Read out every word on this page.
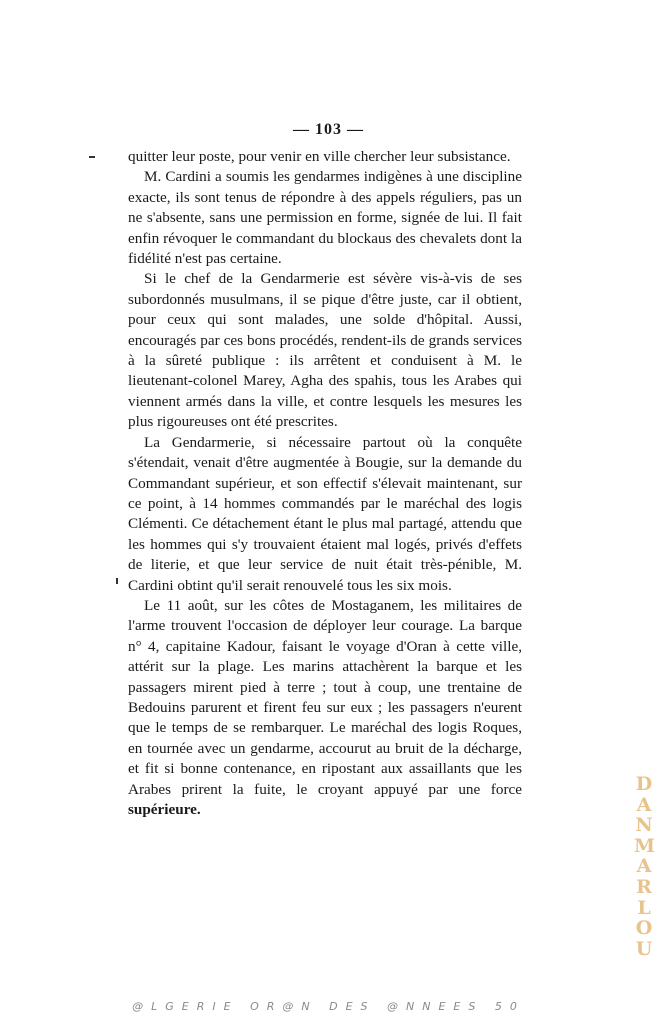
— 103 —

quitter leur poste, pour venir en ville chercher leur subsistance.

M. Cardini a soumis les gendarmes indigènes à une discipline exacte, ils sont tenus de répondre à des appels réguliers, pas un ne s'absente, sans une permission en forme, signée de lui. Il fait enfin révoquer le commandant du blockaus des chevalets dont la fidélité n'est pas certaine.

Si le chef de la Gendarmerie est sévère vis-à-vis de ses subordonnés musulmans, il se pique d'être juste, car il obtient, pour ceux qui sont malades, une solde d'hôpital. Aussi, encouragés par ces bons procédés, rendent-ils de grands services à la sûreté publique : ils arrêtent et conduisent à M. le lieutenant-colonel Marey, Agha des spahis, tous les Arabes qui viennent armés dans la ville, et contre lesquels les mesures les plus rigoureuses ont été prescrites.

La Gendarmerie, si nécessaire partout où la conquête s'étendait, venait d'être augmentée à Bougie, sur la demande du Commandant supérieur, et son effectif s'élevait maintenant, sur ce point, à 14 hommes commandés par le maréchal des logis Clémenti. Ce détachement étant le plus mal partagé, attendu que les hommes qui s'y trouvaient étaient mal logés, privés d'effets de literie, et que leur service de nuit était très-pénible, M. Cardini obtint qu'il serait renouvelé tous les six mois.

Le 11 août, sur les côtes de Mostaganem, les militaires de l'arme trouvent l'occasion de déployer leur courage. La barque n° 4, capitaine Kadour, faisant le voyage d'Oran à cette ville, attérit sur la plage. Les marins attachèrent la barque et les passagers mirent pied à terre ; tout à coup, une trentaine de Bedouins parurent et firent feu sur eux ; les passagers n'eurent que le temps de se rembarquer. Le maréchal des logis Roques, en tournée avec un gendarme, accourut au bruit de la décharge, et fit si bonne contenance, en ripostant aux assaillants que les Arabes prirent la fuite, le croyant appuyé par une force supérieure.

D
A
N
M
A
R
L
O
U
@LGERIE OR@N DES @NNEES 50
